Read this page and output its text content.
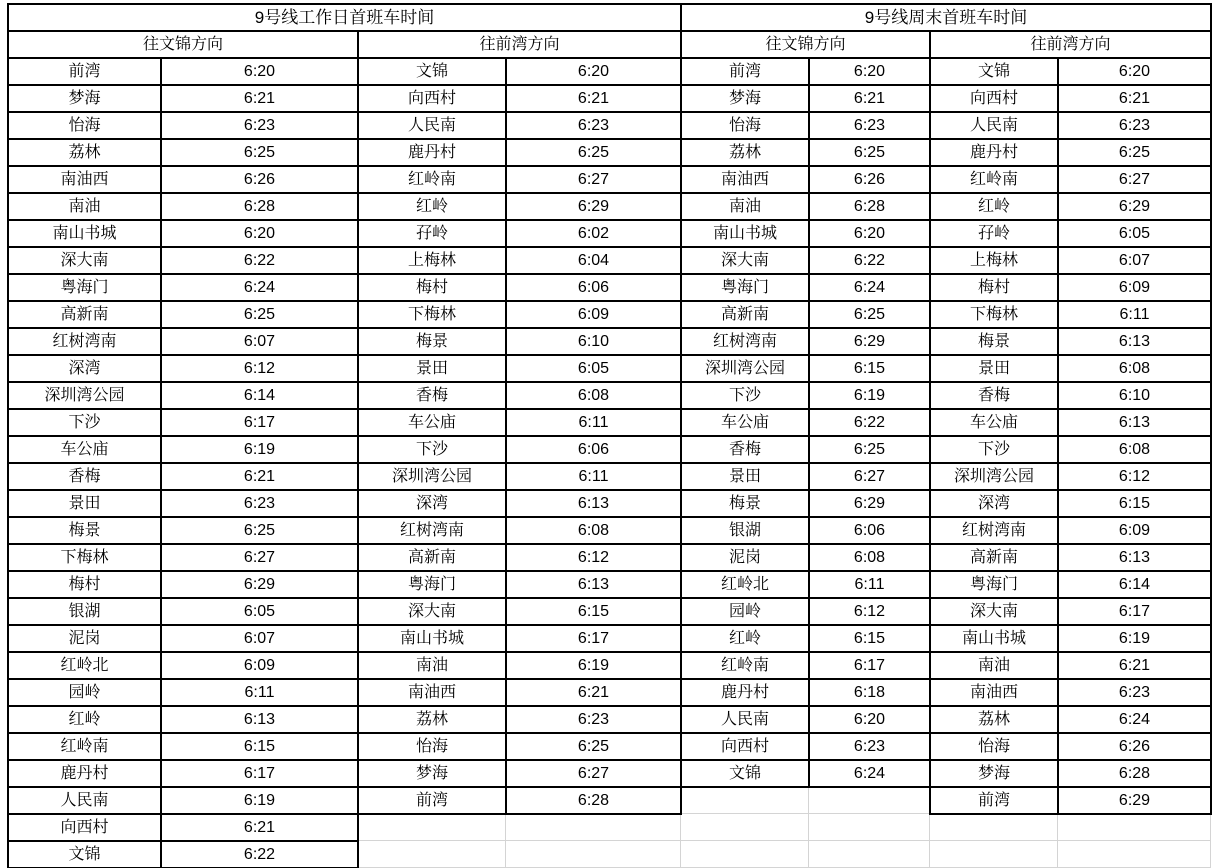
9号线工作日首班车时间
往文锦方向
前湾	6:20
梦海	6:21
怡海	6:23
荔林	6:25
南油西	6:26
南油	6:28
南山书城	6:20
深大南	6:22
粤海门	6:24
高新南	6:25
红树湾南	6:07
深湾	6:12
深圳湾公园	6:14
下沙	6:17
车公庙	6:19
香梅	6:21
景田	6:23
梅景	6:25
下梅林	6:27
梅村	6:29
银湖	6:05
泥岗	6:07
红岭北	6:09
园岭	6:11
红岭	6:13
红岭南	6:15
鹿丹村	6:17
人民南	6:19
向西村	6:21
文锦	6:22
往前湾方向
文锦	6:20
向西村	6:21
人民南	6:23
鹿丹村	6:25
红岭南	6:27
红岭	6:29
孖岭	6:02
上梅林	6:04
梅村	6:06
下梅林	6:09
梅景	6:10
景田	6:05
香梅	6:08
车公庙	6:11
下沙	6:06
深圳湾公园	6:11
深湾	6:13
红树湾南	6:08
高新南	6:12
粤海门	6:13
深大南	6:15
南山书城	6:17
南油	6:19
南油西	6:21
荔林	6:23
怡海	6:25
梦海	6:27
前湾	6:28
9号线周末首班车时间
往文锦方向
前湾	6:20
梦海	6:21
怡海	6:23
荔林	6:25
南油西	6:26
南油	6:28
南山书城	6:20
深大南	6:22
粤海门	6:24
高新南	6:25
红树湾南	6:29
深圳湾公园	6:15
下沙	6:19
车公庙	6:22
香梅	6:25
景田	6:27
梅景	6:29
银湖	6:06
泥岗	6:08
红岭北	6:11
园岭	6:12
红岭	6:15
红岭南	6:17
鹿丹村	6:18
人民南	6:20
向西村	6:23
文锦	6:24
往前湾方向
文锦	6:20
向西村	6:21
人民南	6:23
鹿丹村	6:25
红岭南	6:27
红岭	6:29
孖岭	6:05
上梅林	6:07
梅村	6:09
下梅林	6:11
梅景	6:13
景田	6:08
香梅	6:10
车公庙	6:13
下沙	6:08
深圳湾公园	6:12
深湾	6:15
红树湾南	6:09
高新南	6:13
粤海门	6:14
深大南	6:17
南山书城	6:19
南油	6:21
南油西	6:23
荔林	6:24
怡海	6:26
梦海	6:28
前湾	6:29
